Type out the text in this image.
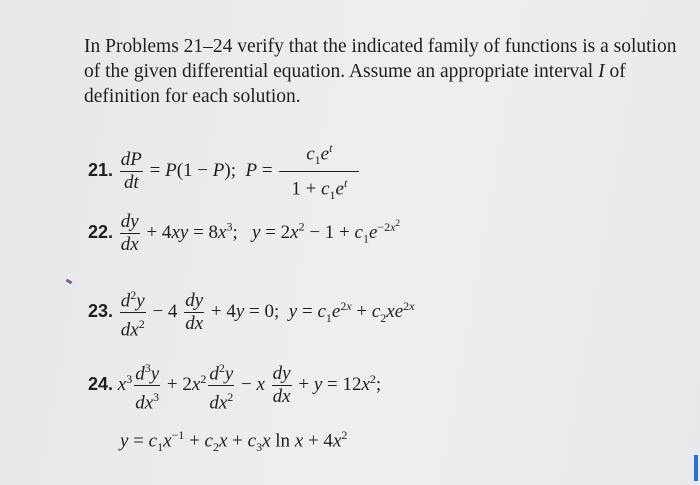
In Problems 21–24 verify that the indicated family of functions is a solution of the given differential equation. Assume an appropriate interval I of definition for each solution.
21. $\frac{dP}{dt} = P(1 - P)$;  $P = \frac{c_1e^t}{1 + c_1e^t}$
22. $\frac{dy}{dx} + 4xy = 8x^3$;   $y = 2x^2 - 1 + c_1e^{-2x^2}$
23. $\frac{d^2y}{dx^2} - 4 \frac{dy}{dx} + 4y = 0$;  $y = c_1e^{2x} + c_2xe^{2x}$
24. $x^3 \frac{d^3y}{dx^3} + 2x^2 \frac{d^2y}{dx^2} - x \frac{dy}{dx} + y = 12x^2$;
$y = c_1x^{-1} + c_2x + c_3x$ $\ln x + 4x^2$
